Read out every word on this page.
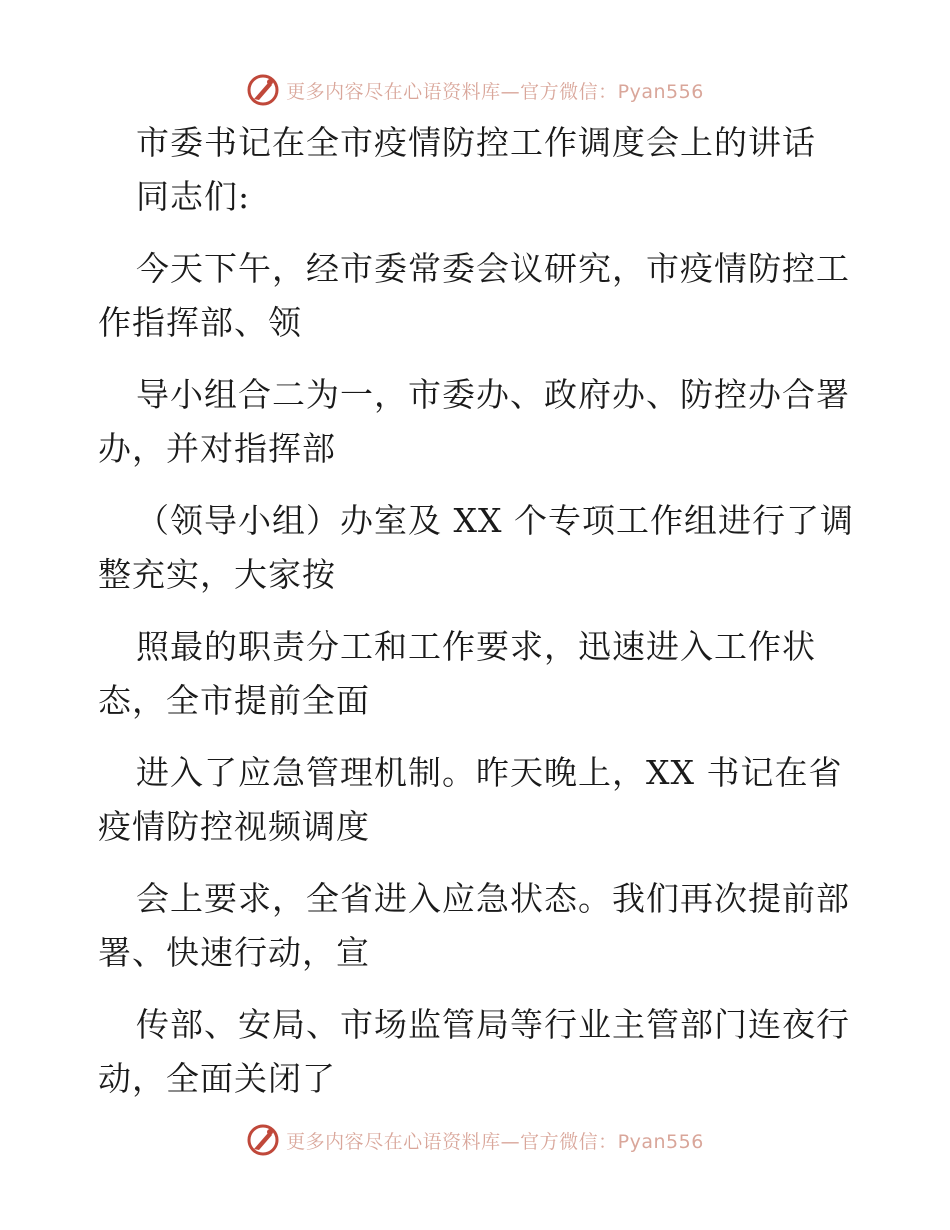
更多内容尽在心语资料库—官方微信：Pyan556
市委书记在全市疫情防控工作调度会上的讲话
同志们:
今天下午，经市委常委会议研究，市疫情防控工
作指挥部、领
导小组合二为一，市委办、政府办、防控办合署
办，并对指挥部
（领导小组）办室及 XX 个专项工作组进行了调
整充实，大家按
照最的职责分工和工作要求，迅速进入工作状
态，全市提前全面
进入了应急管理机制。昨天晚上，XX 书记在省
疫情防控视频调度
会上要求，全省进入应急状态。我们再次提前部
署、快速行动，宣
传部、安局、市场监管局等行业主管部门连夜行
动，全面关闭了
更多内容尽在心语资料库—官方微信：Pyan556
